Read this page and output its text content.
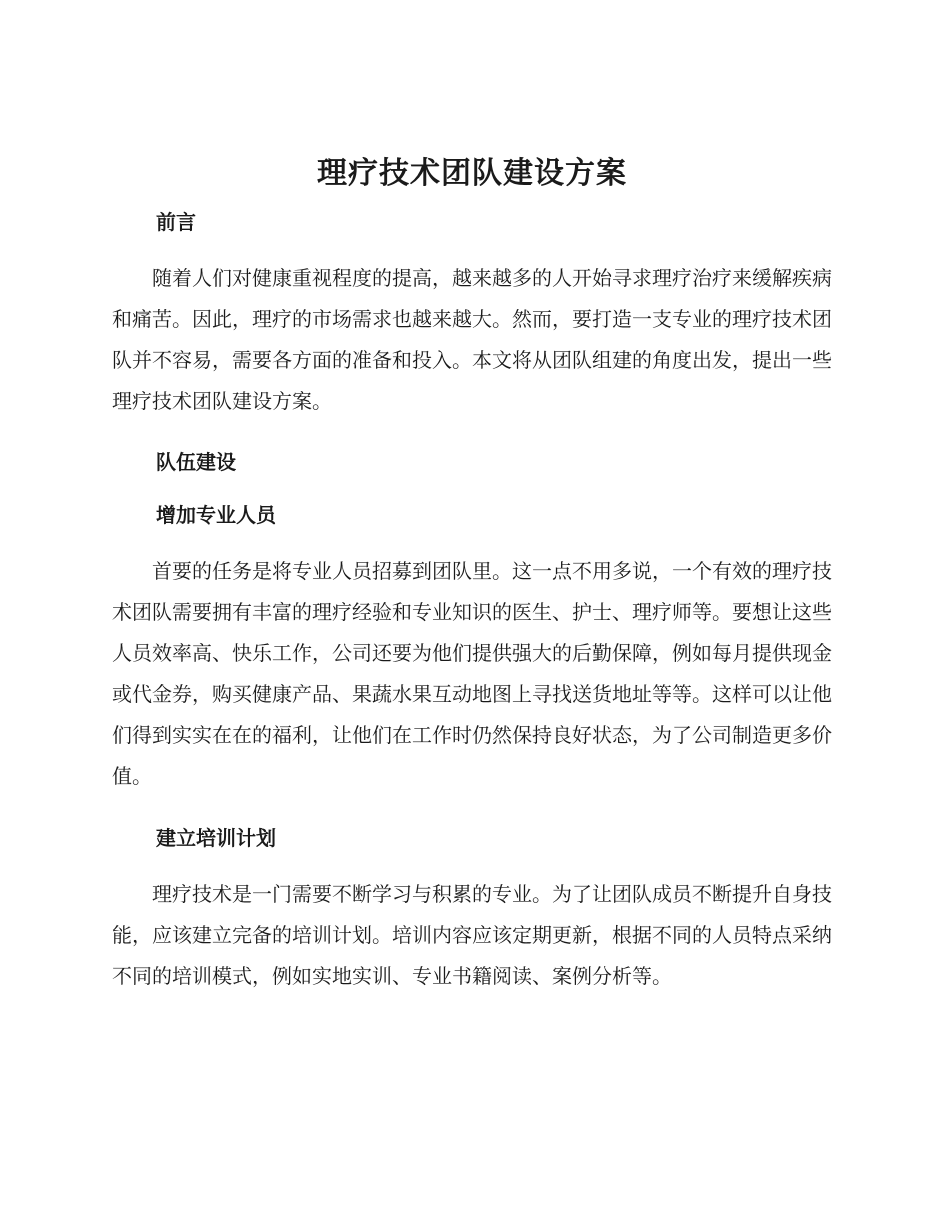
理疗技术团队建设方案
前言

随着人们对健康重视程度的提高，越来越多的人开始寻求理疗治疗来缓解疾病和痛苦。因此，理疗的市场需求也越来越大。然而，要打造一支专业的理疗技术团队并不容易，需要各方面的准备和投入。本文将从团队组建的角度出发，提出一些理疗技术团队建设方案。

队伍建设
增加专业人员

首要的任务是将专业人员招募到团队里。这一点不用多说，一个有效的理疗技术团队需要拥有丰富的理疗经验和专业知识的医生、护士、理疗师等。要想让这些人员效率高、快乐工作，公司还要为他们提供强大的后勤保障，例如每月提供现金或代金券，购买健康产品、果蔬水果互动地图上寻找送货地址等等。这样可以让他们得到实实在在的福利，让他们在工作时仍然保持良好状态，为了公司制造更多价值。

建立培训计划

理疗技术是一门需要不断学习与积累的专业。为了让团队成员不断提升自身技能，应该建立完备的培训计划。培训内容应该定期更新，根据不同的人员特点采纳不同的培训模式，例如实地实训、专业书籍阅读、案例分析等。
